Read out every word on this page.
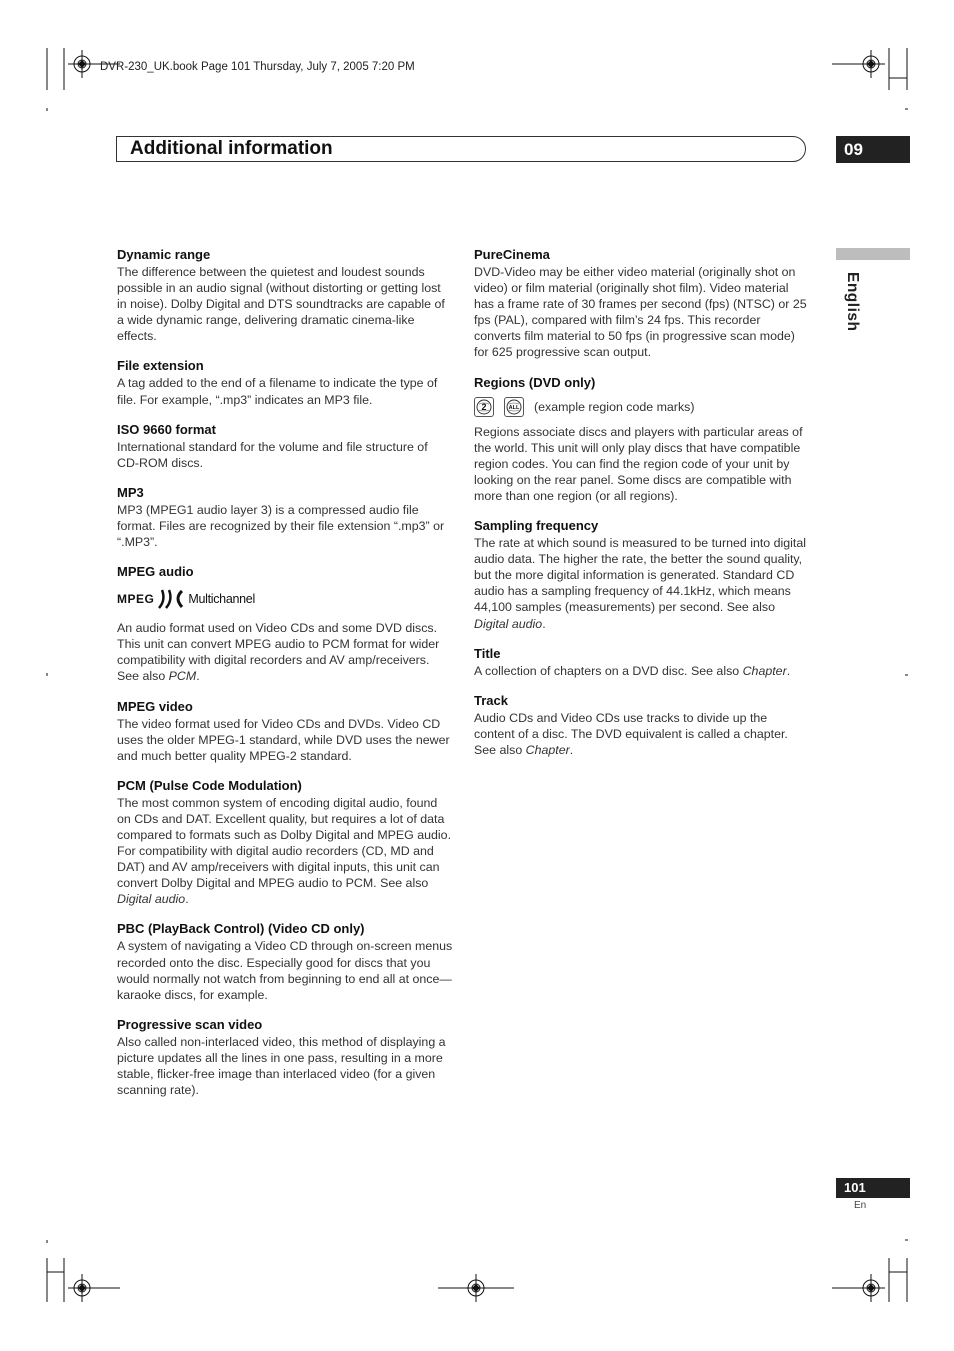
DVR-230_UK.book Page 101 Thursday, July 7, 2005 7:20 PM
Additional information	09
English
Dynamic range
The difference between the quietest and loudest sounds possible in an audio signal (without distorting or getting lost in noise). Dolby Digital and DTS soundtracks are capable of a wide dynamic range, delivering dramatic cinema-like effects.
File extension
A tag added to the end of a filename to indicate the type of file. For example, “.mp3” indicates an MP3 file.
ISO 9660 format
International standard for the volume and file structure of CD-ROM discs.
MP3
MP3 (MPEG1 audio layer 3) is a compressed audio file format. Files are recognized by their file extension “.mp3” or “.MP3”.
MPEG audio
MPEG	Multichannel
An audio format used on Video CDs and some DVD discs. This unit can convert MPEG audio to PCM format for wider compatibility with digital recorders and AV amp/receivers. See also PCM.
MPEG video
The video format used for Video CDs and DVDs. Video CD uses the older MPEG-1 standard, while DVD uses the newer and much better quality MPEG-2 standard.
PCM (Pulse Code Modulation)
The most common system of encoding digital audio, found on CDs and DAT. Excellent quality, but requires a lot of data compared to formats such as Dolby Digital and MPEG audio. For compatibility with digital audio recorders (CD, MD and DAT) and AV amp/receivers with digital inputs, this unit can convert Dolby Digital and MPEG audio to PCM. See also Digital audio.
PBC (PlayBack Control) (Video CD only)
A system of navigating a Video CD through on-screen menus recorded onto the disc. Especially good for discs that you would normally not watch from beginning to end all at once—karaoke discs, for example.
Progressive scan video
Also called non-interlaced video, this method of displaying a picture updates all the lines in one pass, resulting in a more stable, flicker-free image than interlaced video (for a given scanning rate).
PureCinema
DVD-Video may be either video material (originally shot on video) or film material (originally shot film). Video material has a frame rate of 30 frames per second (fps) (NTSC) or 25 fps (PAL), compared with film’s 24 fps. This recorder converts film material to 50 fps (in progressive scan mode) for 625 progressive scan output.
Regions (DVD only)
2	ALL (example region code marks)
Regions associate discs and players with particular areas of the world. This unit will only play discs that have compatible region codes. You can find the region code of your unit by looking on the rear panel. Some discs are compatible with more than one region (or all regions).
Sampling frequency
The rate at which sound is measured to be turned into digital audio data. The higher the rate, the better the sound quality, but the more digital information is generated. Standard CD audio has a sampling frequency of 44.1kHz, which means 44,100 samples (measurements) per second. See also Digital audio.
Title
A collection of chapters on a DVD disc. See also Chapter.
Track
Audio CDs and Video CDs use tracks to divide up the content of a disc. The DVD equivalent is called a chapter. See also Chapter.
101
En
